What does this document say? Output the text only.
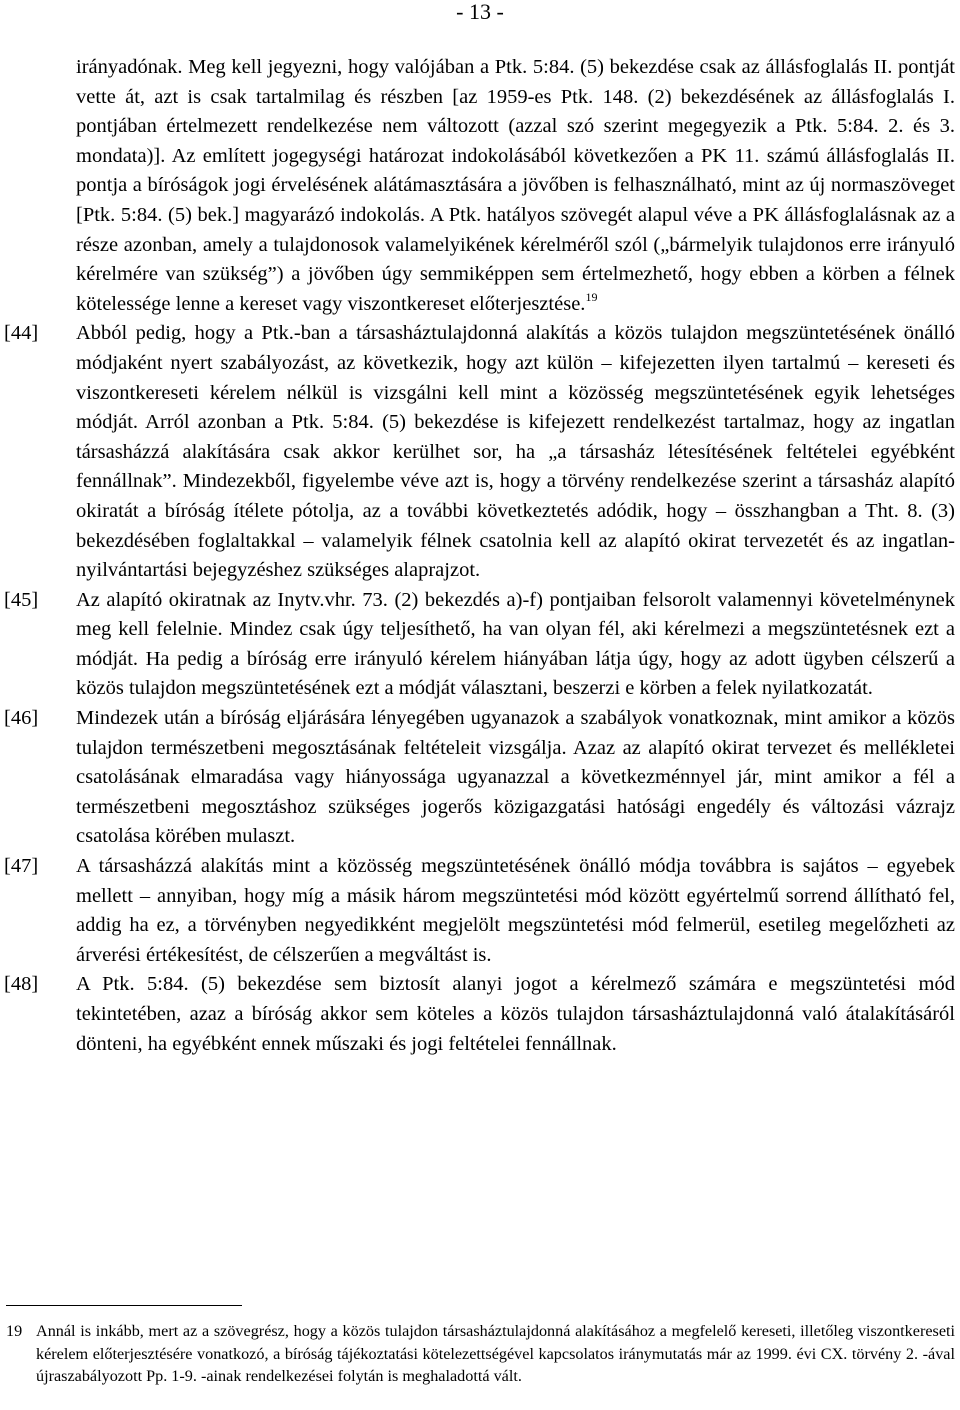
- 13 -
irányadónak. Meg kell jegyezni, hogy valójában a Ptk. 5:84. (5) bekezdése csak az állásfoglalás II. pontját vette át, azt is csak tartalmilag és részben [az 1959-es Ptk. 148. (2) bekezdésének az állásfoglalás I. pontjában értelmezett rendelkezése nem változott (azzal szó szerint megegyezik a Ptk. 5:84. 2. és 3. mondata)]. Az említett jogegységi határozat indokolásából következően a PK 11. számú állásfoglalás II. pontja a bíróságok jogi érvelésének alátámasztására a jövőben is felhasználható, mint az új normaszöveget [Ptk. 5:84. (5) bek.] magyarázó indokolás. A Ptk. hatályos szövegét alapul véve a PK állásfoglalásnak az a része azonban, amely a tulajdonosok valamelyikének kérelméről szól („bármelyik tulajdonos erre irányuló kérelmére van szükség”) a jövőben úgy semmiképpen sem értelmezhető, hogy ebben a körben a félnek kötelessége lenne a kereset vagy viszontkereset előterjesztése.$^{19}$
[44] Abból pedig, hogy a Ptk.-ban a társasháztulajdonná alakítás a közös tulajdon megszüntetésének önálló módjaként nyert szabályozást, az következik, hogy azt külön – kifejezetten ilyen tartalmú – kereseti és viszontkereseti kérelem nélkül is vizsgálni kell mint a közösség megszüntetésének egyik lehetséges módját. Arról azonban a Ptk. 5:84. (5) bekezdése is kifejezett rendelkezést tartalmaz, hogy az ingatlan társasházzá alakítására csak akkor kerülhet sor, ha „a társasház létesítésének feltételei egyébként fennállnak”. Mindezekből, figyelembe véve azt is, hogy a törvény rendelkezése szerint a társasház alapító okiratát a bíróság ítélete pótolja, az a további következtetés adódik, hogy – összhangban a Tht. 8. (3) bekezdésében foglaltakkal – valamelyik félnek csatolnia kell az alapító okirat tervezetét és az ingatlan-nyilvántartási bejegyzéshez szükséges alaprajzot.
[45] Az alapító okiratnak az Inytv.vhr. 73. (2) bekezdés a)-f) pontjaiban felsorolt valamennyi követelménynek meg kell felelnie. Mindez csak úgy teljesíthető, ha van olyan fél, aki kérelmezi a megszüntetésnek ezt a módját. Ha pedig a bíróság erre irányuló kérelem hiányában látja úgy, hogy az adott ügyben célszerű a közös tulajdon megszüntetésének ezt a módját választani, beszerzi e körben a felek nyilatkozatát.
[46] Mindezek után a bíróság eljárására lényegében ugyanazok a szabályok vonatkoznak, mint amikor a közös tulajdon természetbeni megosztásának feltételeit vizsgálja. Azaz az alapító okirat tervezet és mellékletei csatolásának elmaradása vagy hiányossága ugyanazzal a következménnyel jár, mint amikor a fél a természetbeni megosztáshoz szükséges jogerős közigazgatási hatósági engedély és változási vázrajz csatolása körében mulaszt.
[47] A társasházzá alakítás mint a közösség megszüntetésének önálló módja továbbra is sajátos – egyebek mellett – annyiban, hogy míg a másik három megszüntetési mód között egyértelmű sorrend állítható fel, addig ha ez, a törvényben negyedikként megjelölt megszüntetési mód felmerül, esetileg megelőzheti az árverési értékesítést, de célszerűen a megváltást is.
[48] A Ptk. 5:84. (5) bekezdése sem biztosít alanyi jogot a kérelmező számára e megszüntetési mód tekintetében, azaz a bíróság akkor sem köteles a közös tulajdon társasháztulajdonná való átalakításáról dönteni, ha egyébként ennek műszaki és jogi feltételei fennállnak.
19 Annál is inkább, mert az a szövegrész, hogy a közös tulajdon társasháztulajdonná alakításához a megfelelő kereseti, illetőleg viszontkereseti kérelem előterjesztésére vonatkozó, a bíróság tájékoztatási kötelezettségével kapcsolatos iránymutatás már az 1999. évi CX. törvény 2. -ával újraszabályozott Pp. 1-9. -ainak rendelkezései folytán is meghaladottá vált.
